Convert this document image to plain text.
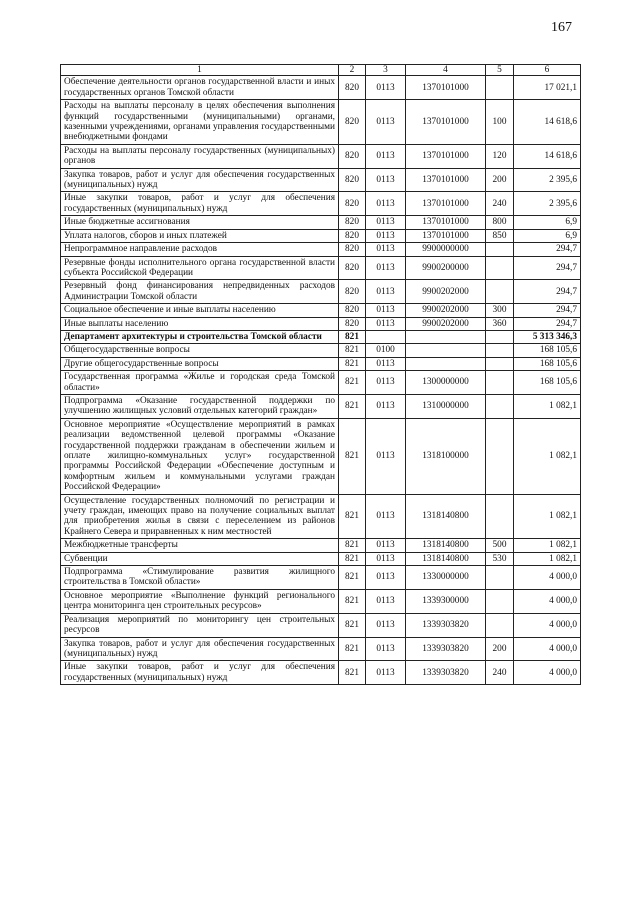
167
1	2	3	4	5	6
Обеспечение деятельности органов государственной власти и иных государственных органов Томской области	820	0113	1370101000		17 021,1
Расходы на выплаты персоналу в целях обеспечения выполнения функций государственными (муниципальными) органами, казенными учреждениями, органами управления государственными внебюджетными фондами	820	0113	1370101000	100	14 618,6
Расходы на выплаты персоналу государственных (муниципальных) органов	820	0113	1370101000	120	14 618,6
Закупка товаров, работ и услуг для обеспечения государственных (муниципальных) нужд	820	0113	1370101000	200	2 395,6
Иные закупки товаров, работ и услуг для обеспечения государственных (муниципальных) нужд	820	0113	1370101000	240	2 395,6
Иные бюджетные ассигнования	820	0113	1370101000	800	6,9
Уплата налогов, сборов и иных платежей	820	0113	1370101000	850	6,9
Непрограммное направление расходов	820	0113	9900000000		294,7
Резервные фонды исполнительного органа государственной власти субъекта Российской Федерации	820	0113	9900200000		294,7
Резервный фонд финансирования непредвиденных расходов Администрации Томской области	820	0113	9900202000		294,7
Социальное обеспечение и иные выплаты населению	820	0113	9900202000	300	294,7
Иные выплаты населению	820	0113	9900202000	360	294,7
Департамент архитектуры и строительства Томской области	821				5 313 346,3
Общегосударственные вопросы	821	0100			168 105,6
Другие общегосударственные вопросы	821	0113			168 105,6
Государственная программа «Жилье и городская среда Томской области»	821	0113	1300000000		168 105,6
Подпрограмма «Оказание государственной поддержки по улучшению жилищных условий отдельных категорий граждан»	821	0113	1310000000		1 082,1
Основное мероприятие «Осуществление мероприятий в рамках реализации ведомственной целевой программы «Оказание государственной поддержки гражданам в обеспечении жильем и оплате жилищно-коммунальных услуг» государственной программы Российской Федерации «Обеспечение доступным и комфортным жильем и коммунальными услугами граждан Российской Федерации»	821	0113	1318100000		1 082,1
Осуществление государственных полномочий по регистрации и учету граждан, имеющих право на получение социальных выплат для приобретения жилья в связи с переселением из районов Крайнего Севера и приравненных к ним местностей	821	0113	1318140800		1 082,1
Межбюджетные трансферты	821	0113	1318140800	500	1 082,1
Субвенции	821	0113	1318140800	530	1 082,1
Подпрограмма «Стимулирование развития жилищного строительства в Томской области»	821	0113	1330000000		4 000,0
Основное мероприятие «Выполнение функций регионального центра мониторинга цен строительных ресурсов»	821	0113	1339300000		4 000,0
Реализация мероприятий по мониторингу цен строительных ресурсов	821	0113	1339303820		4 000,0
Закупка товаров, работ и услуг для обеспечения государственных (муниципальных) нужд	821	0113	1339303820	200	4 000,0
Иные закупки товаров, работ и услуг для обеспечения государственных (муниципальных) нужд	821	0113	1339303820	240	4 000,0
